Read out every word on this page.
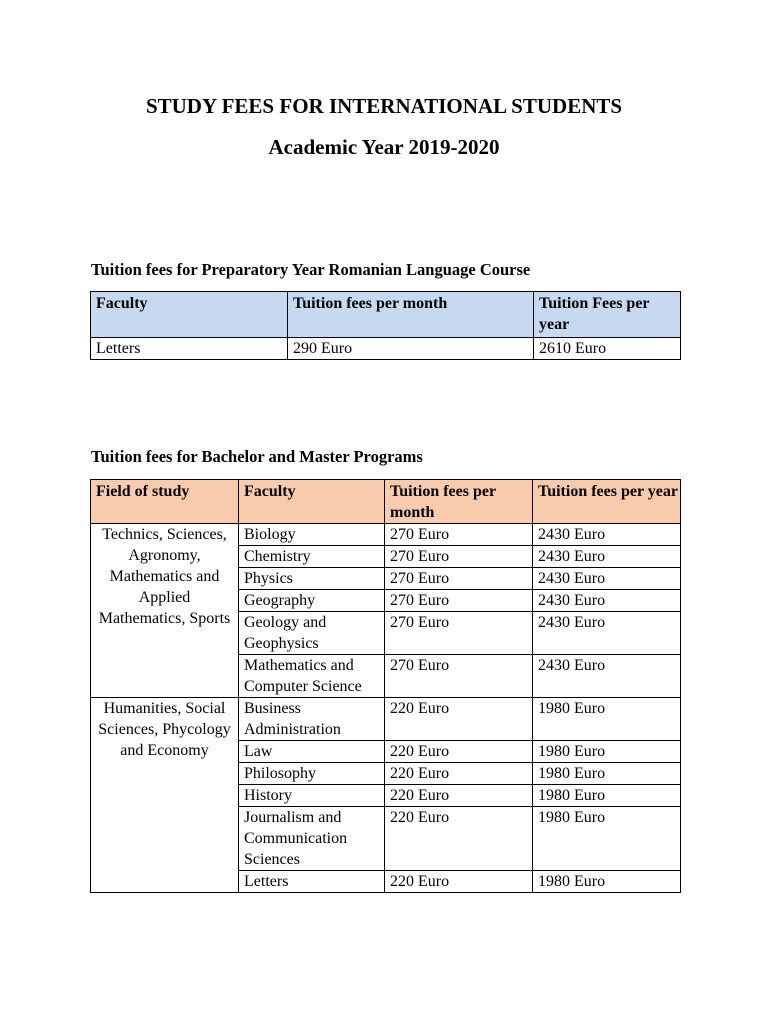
STUDY FEES FOR INTERNATIONAL STUDENTS
Academic Year 2019-2020

Tuition fees for Preparatory Year Romanian Language Course

Faculty	Tuition fees per month	Tuition Fees per year
Letters	290 Euro	2610 Euro

Tuition fees for Bachelor and Master Programs

Field of study	Faculty	Tuition fees per month	Tuition fees per year
Technics, Sciences, Agronomy, Mathematics and Applied Mathematics, Sports	Biology	270 Euro	2430 Euro
	Chemistry	270 Euro	2430 Euro
	Physics	270 Euro	2430 Euro
	Geography	270 Euro	2430 Euro
	Geology and Geophysics	270 Euro	2430 Euro
	Mathematics and Computer Science	270 Euro	2430 Euro
Humanities, Social Sciences, Phycology and Economy	Business Administration	220 Euro	1980 Euro
	Law	220 Euro	1980 Euro
	Philosophy	220 Euro	1980 Euro
	History	220 Euro	1980 Euro
	Journalism and Communication Sciences	220 Euro	1980 Euro
	Letters	220 Euro	1980 Euro
